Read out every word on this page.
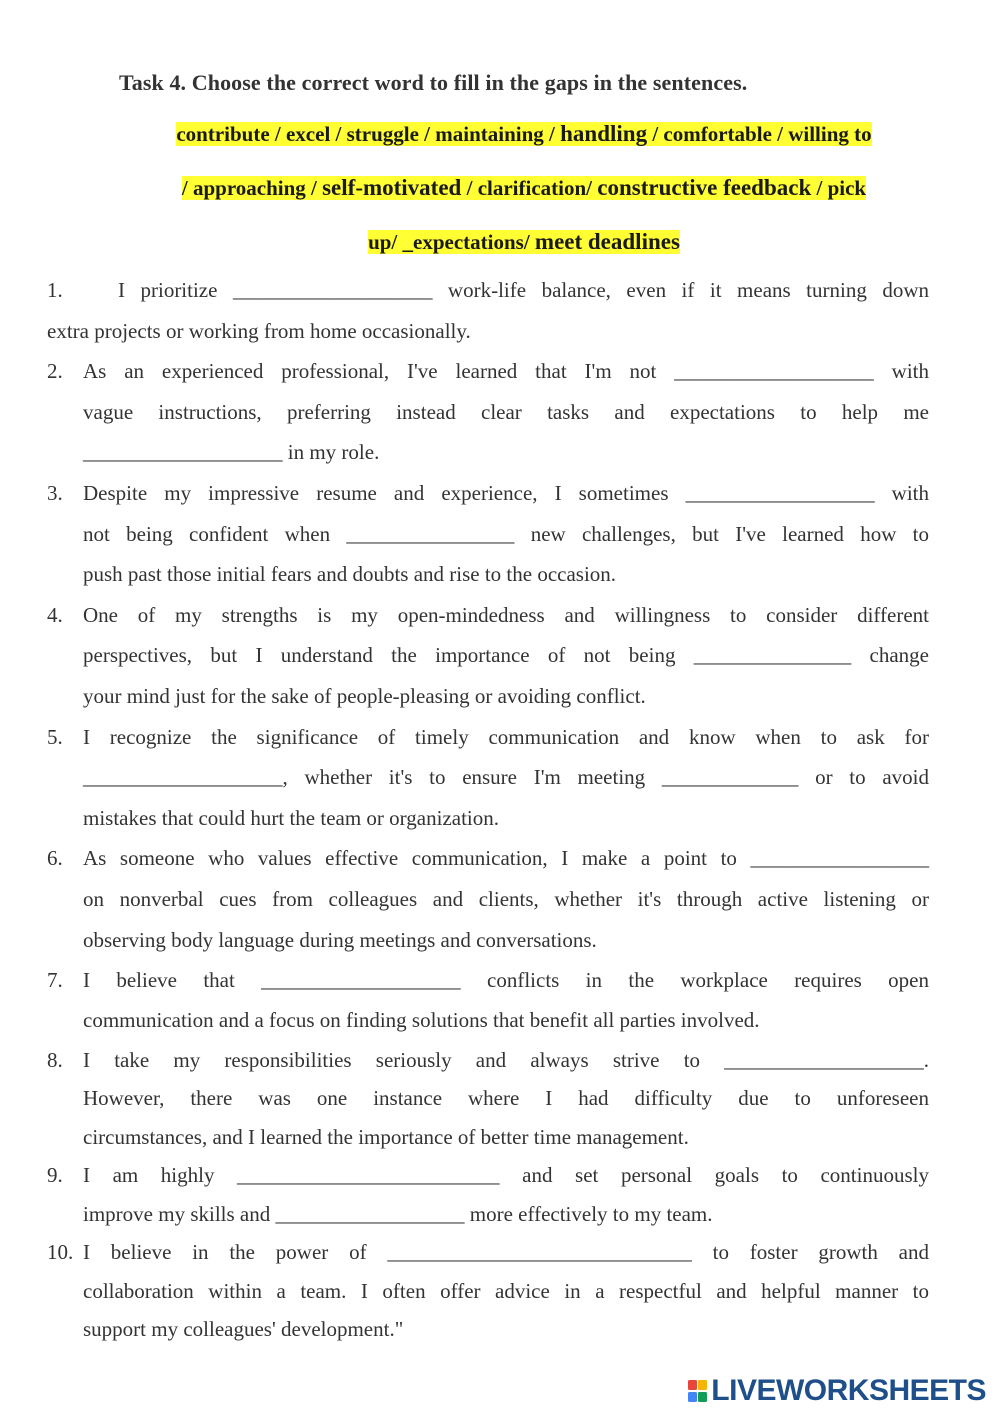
Task 4. Choose the correct word to fill in the gaps in the sentences.
contribute / excel / struggle / maintaining / handling / comfortable / willing to
/ approaching / self-motivated / clarification/ constructive feedback / pick
up/ _expectations/ meet deadlines
1.	I prioritize ___________________ work-life balance, even if it means turning down

extra projects or working from home occasionally.

2. As an experienced professional, I've learned that I'm not ___________________ with

vague instructions, preferring instead clear tasks and expectations to help me

___________________ in my role.

3. Despite my impressive resume and experience, I sometimes __________________ with

not being confident when ________________ new challenges, but I've learned how to

push past those initial fears and doubts and rise to the occasion.

4. One of my strengths is my open-mindedness and willingness to consider different

perspectives, but I understand the importance of not being _______________ change

your mind just for the sake of people-pleasing or avoiding conflict.

5. I recognize the significance of timely communication and know when to ask for

___________________, whether it's to ensure I'm meeting _____________ or to avoid

mistakes that could hurt the team or organization.

6. As someone who values effective communication, I make a point to _________________

on nonverbal cues from colleagues and clients, whether it's through active listening or

observing body language during meetings and conversations.

7. I believe that ___________________ conflicts in the workplace requires open

communication and a focus on finding solutions that benefit all parties involved.

8. I take my responsibilities seriously and always strive to ___________________.

However, there was one instance where I had difficulty due to unforeseen

circumstances, and I learned the importance of better time management.

9. I am highly _________________________ and set personal goals to continuously

improve my skills and __________________ more effectively to my team.

10. I believe in the power of _____________________________ to foster growth and

collaboration within a team. I often offer advice in a respectful and helpful manner to

support my colleagues' development."

LIVEWORKSHEETS
